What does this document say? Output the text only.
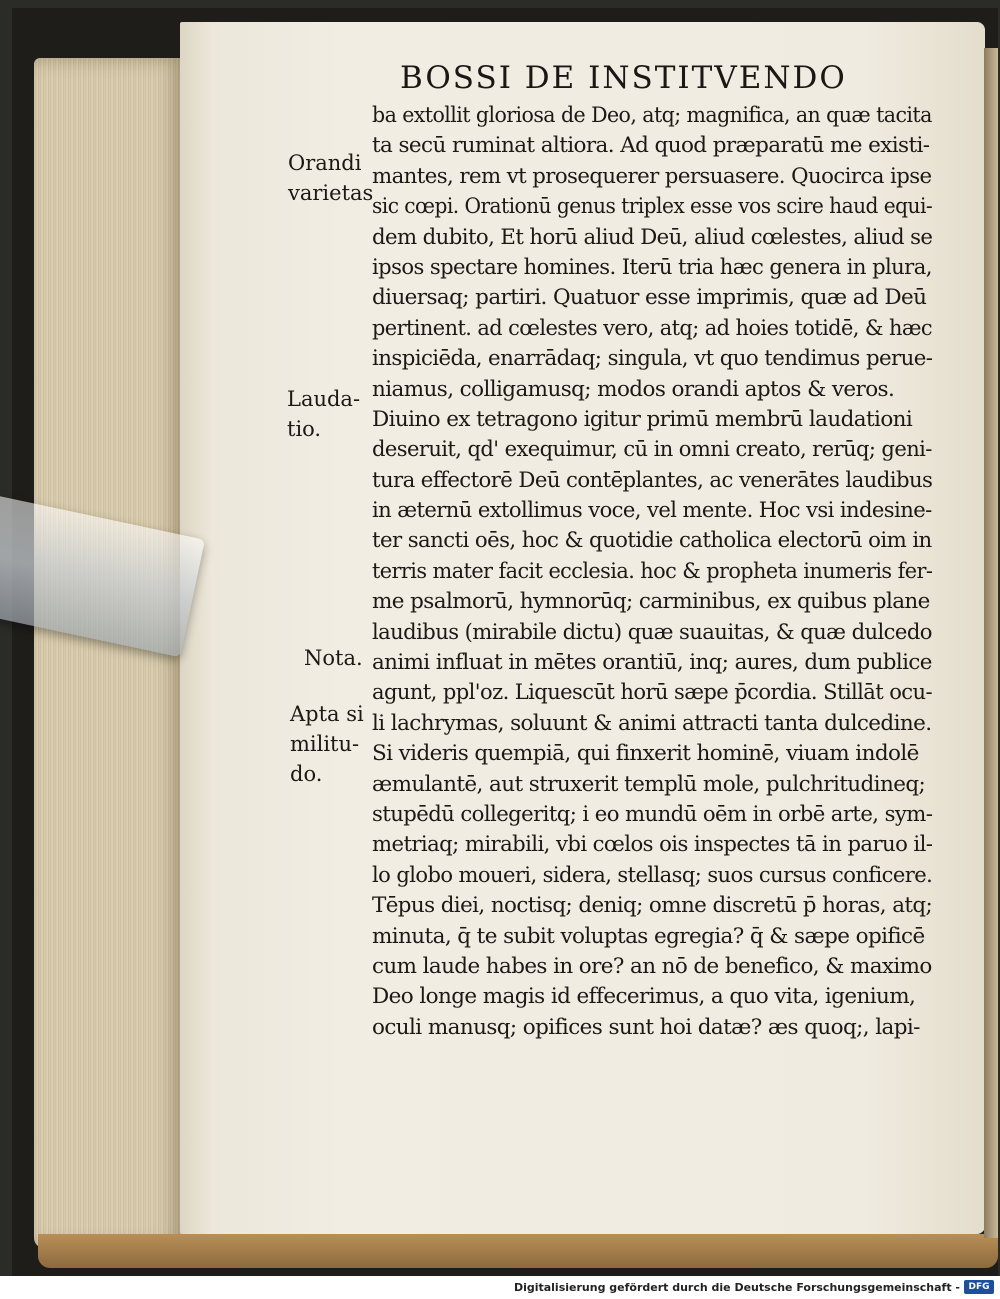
BOSSI DE INSTITVENDO
ba extollit gloriosa de Deo, atq; magnifica, an quæ tacita
ta secū ruminat altiora. Ad quod præparatū me existi-
mantes, rem vt prosequerer persuasere. Quocirca ipse
sic cœpi. Orationū genus triplex esse vos scire haud equi-
dem dubito, Et horū aliud Deū, aliud cœlestes, aliud se
ipsos spectare homines. Iterū tria hæc genera in plura,
diuersaq; partiri. Quatuor esse imprimis, quæ ad Deū
pertinent. ad cœlestes vero, atq; ad hoies totidē, & hæc
inspiciēda, enarrādaq; singula, vt quo tendimus perue-
niamus, colligamusq; modos orandi aptos & veros.
Diuino ex tetragono igitur primū membrū laudationi
deseruit, qd' exequimur, cū in omni creato, rerūq; geni-
tura effectorē Deū contēplantes, ac venerātes laudibus
in æternū extollimus voce, vel mente. Hoc vsi indesine-
ter sancti oēs, hoc & quotidie catholica electorū oim in
terris mater facit ecclesia. hoc & propheta inumeris fer-
me psalmorū, hymnorūq; carminibus, ex quibus plane
laudibus (mirabile dictu) quæ suauitas, & quæ dulcedo
animi influat in mētes orantiū, inq; aures, dum publice
agunt, ppl'oz. Liquescūt horū sæpe p̄cordia. Stillāt ocu-
li lachrymas, soluunt & animi attracti tanta dulcedine.
Si videris quempiā, qui finxerit hominē, viuam indolē
æmulantē, aut struxerit templū mole, pulchritudineq;
stupēdū collegeritq; i eo mundū oēm in orbē arte, sym-
metriaq; mirabili, vbi cœlos ois inspectes tā in paruo il-
lo globo moueri, sidera, stellasq; suos cursus conficere.
Tēpus diei, noctisq; deniq; omne discretū p̄ horas, atq;
minuta, q̄ te subit voluptas egregia? q̄ & sæpe opificē
cum laude habes in ore? an nō de benefico, & maximo
Deo longe magis id effecerimus, a quo vita, igenium,
oculi manusq; opifices sunt hoi datæ? æs quoq;, lapi-
Orandi
varietas
Lauda-
tio.
Nota.
Apta si
militu-
do.
Digitalisierung gefördert durch die Deutsche Forschungsgemeinschaft - DFG
